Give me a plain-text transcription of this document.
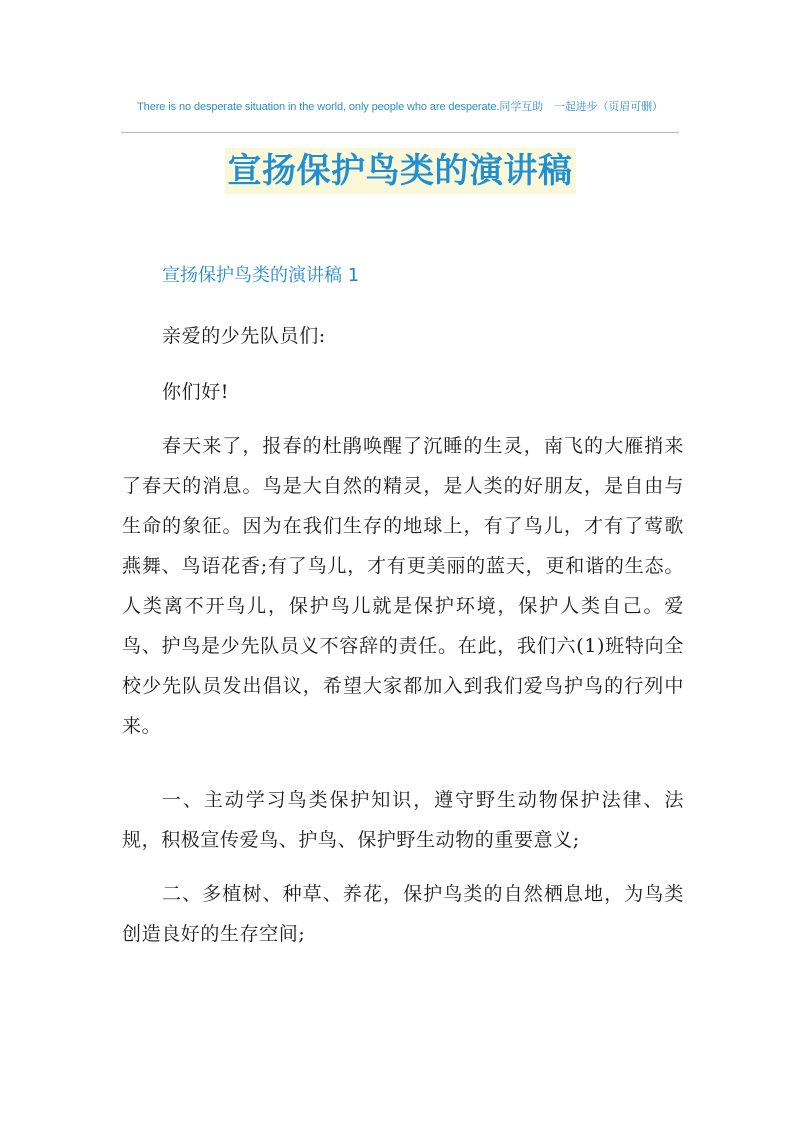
There is no desperate situation in the world, only people who are desperate.同学互助　一起进步（页眉可删）
宣扬保护鸟类的演讲稿
宣扬保护鸟类的演讲稿 1
亲爱的少先队员们:
你们好!
春天来了，报春的杜鹃唤醒了沉睡的生灵，南飞的大雁捎来了春天的消息。鸟是大自然的精灵，是人类的好朋友，是自由与生命的象征。因为在我们生存的地球上，有了鸟儿，才有了莺歌燕舞、鸟语花香;有了鸟儿，才有更美丽的蓝天，更和谐的生态。人类离不开鸟儿，保护鸟儿就是保护环境，保护人类自己。爱鸟、护鸟是少先队员义不容辞的责任。在此，我们六(1)班特向全校少先队员发出倡议，希望大家都加入到我们爱鸟护鸟的行列中来。
一、主动学习鸟类保护知识，遵守野生动物保护法律、法规，积极宣传爱鸟、护鸟、保护野生动物的重要意义;
二、多植树、种草、养花，保护鸟类的自然栖息地，为鸟类创造良好的生存空间;
